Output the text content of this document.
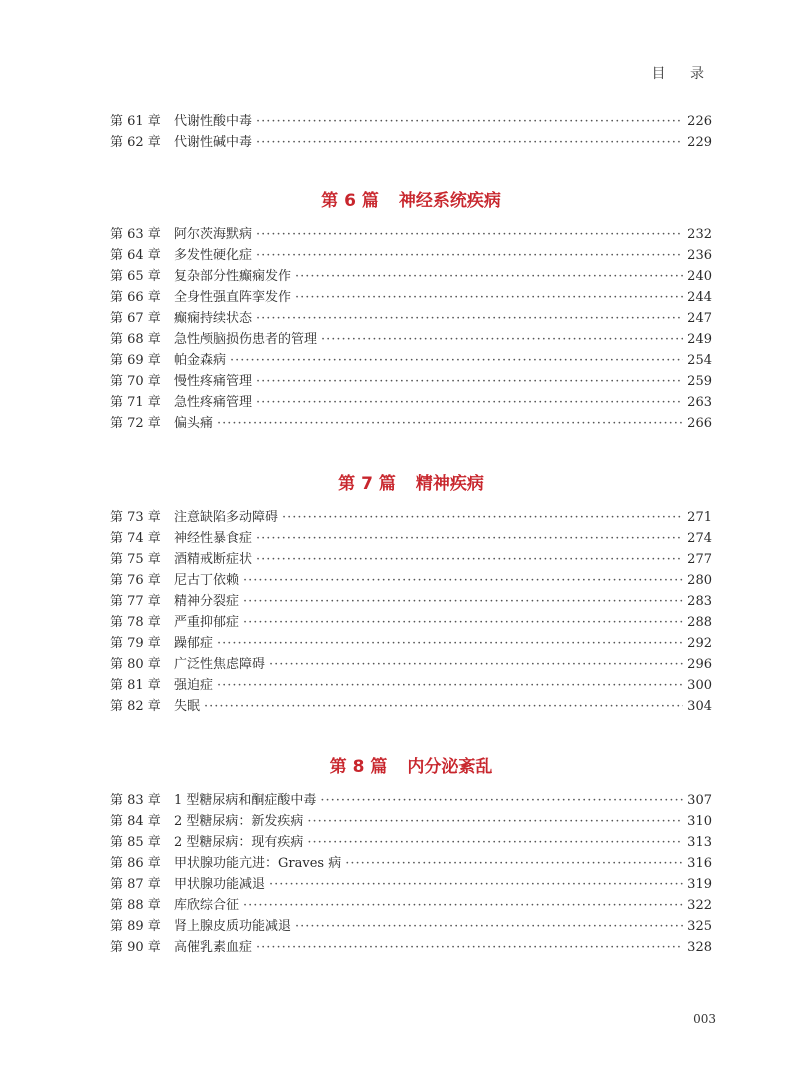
目 录
第 61 章	代谢性酸中毒 ·····	226
第 62 章	代谢性碱中毒 ·····	229
第 6 篇 神经系统疾病
第 63 章	阿尔茨海默病 ·····	232
第 64 章	多发性硬化症 ·····	236
第 65 章	复杂部分性癫痫发作 ·····	240
第 66 章	全身性强直阵挛发作 ·····	244
第 67 章	癫痫持续状态 ·····	247
第 68 章	急性颅脑损伤患者的管理 ·····	249
第 69 章	帕金森病 ·····	254
第 70 章	慢性疼痛管理 ·····	259
第 71 章	急性疼痛管理 ·····	263
第 72 章	偏头痛 ·····	266
第 7 篇 精神疾病
第 73 章	注意缺陷多动障碍 ·····	271
第 74 章	神经性暴食症 ·····	274
第 75 章	酒精戒断症状 ·····	277
第 76 章	尼古丁依赖 ·····	280
第 77 章	精神分裂症 ·····	283
第 78 章	严重抑郁症 ·····	288
第 79 章	躁郁症 ·····	292
第 80 章	广泛性焦虑障碍 ·····	296
第 81 章	强迫症 ·····	300
第 82 章	失眠 ·····	304
第 8 篇 内分泌紊乱
第 83 章	1 型糖尿病和酮症酸中毒 ·····	307
第 84 章	2 型糖尿病：新发疾病 ·····	310
第 85 章	2 型糖尿病：现有疾病 ·····	313
第 86 章	甲状腺功能亢进：Graves 病 ·····	316
第 87 章	甲状腺功能减退 ·····	319
第 88 章	库欣综合征 ·····	322
第 89 章	肾上腺皮质功能减退 ·····	325
第 90 章	高催乳素血症 ·····	328
003
